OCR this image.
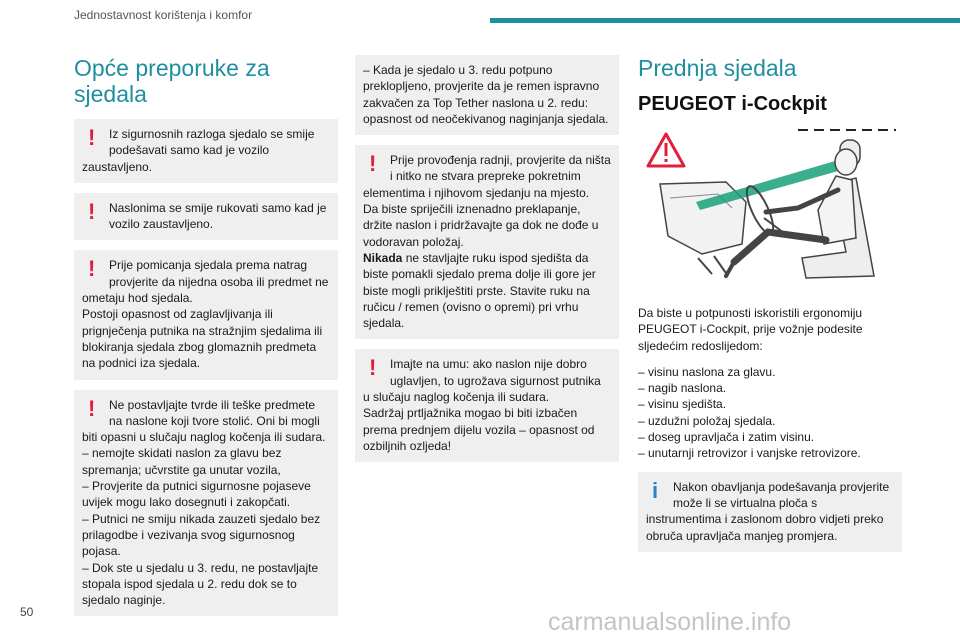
Jednostavnost korištenja i komfor
Opće preporuke za sjedala
! Iz sigurnosnih razloga sjedalo se smije podešavati samo kad je vozilo
zaustavljeno.
! Naslonima se smije rukovati samo kad je vozilo zaustavljeno.
! Prije pomicanja sjedala prema natrag provjerite da nijedna osoba ili predmet ne
ometaju hod sjedala.
Postoji opasnost od zaglavljivanja ili prignječenja putnika na stražnjim sjedalima ili blokiranja sjedala zbog glomaznih predmeta na podnici iza sjedala.
! Ne postavljajte tvrde ili teške predmete na naslone koji tvore stolić. Oni bi mogli
biti opasni u slučaju naglog kočenja ili sudara.
– nemojte skidati naslon za glavu bez spremanja; učvrstite ga unutar vozila,
– Provjerite da putnici sigurnosne pojaseve uvijek mogu lako dosegnuti i zakopčati.
– Putnici ne smiju nikada zauzeti sjedalo bez prilagodbe i vezivanja svog sigurnosnog pojasa.
– Dok ste u sjedalu u 3. redu, ne postavljajte stopala ispod sjedala u 2. redu dok se to sjedalo naginje.
– Kada je sjedalo u 3. redu potpuno preklopljeno, provjerite da je remen ispravno zakvačen za Top Tether naslona u 2. redu: opasnost od neočekivanog naginjanja sjedala.
! Prije provođenja radnji, provjerite da ništa i nitko ne stvara prepreke pokretnim
elementima i njihovom sjedanju na mjesto.
Da biste spriječili iznenadno preklapanje, držite naslon i pridržavajte ga dok ne dođe u vodoravan položaj.
Nikada ne stavljajte ruku ispod sjedišta da biste pomakli sjedalo prema dolje ili gore jer biste mogli priklještiti prste. Stavite ruku na ručicu / remen (ovisno o opremi) pri vrhu sjedala.
! Imajte na umu: ako naslon nije dobro uglavljen, to ugrožava sigurnost putnika
u slučaju naglog kočenja ili sudara.
Sadržaj prtljažnika mogao bi biti izbačen prema prednjem dijelu vozila – opasnost od ozbiljnih ozljeda!
Prednja sjedala
PEUGEOT i-Cockpit
Da biste u potpunosti iskoristili ergonomiju PEUGEOT i-Cockpit, prije vožnje podesite sljedećim redoslijedom:
– visinu naslona za glavu.
– nagib naslona.
– visinu sjedišta.
– uzdužni položaj sjedala.
– doseg upravljača i zatim visinu.
– unutarnji retrovizor i vanjske retrovizore.
i Nakon obavljanja podešavanja provjerite može li se virtualna ploča s
instrumentima i zaslonom dobro vidjeti preko obruča upravljača manjeg promjera.
50	carmanualsonline.info
